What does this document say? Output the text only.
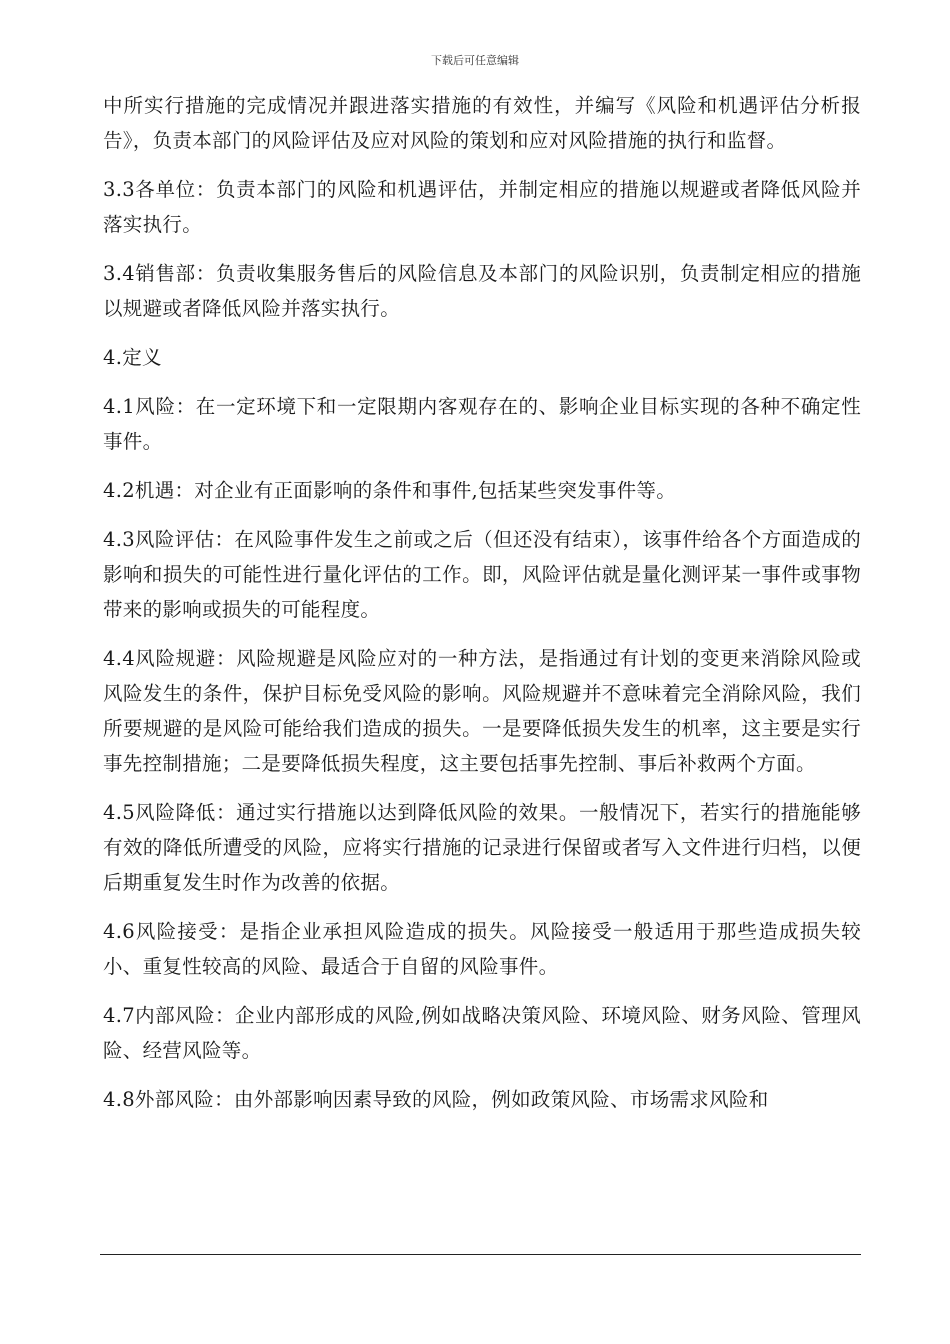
下载后可任意编辑

中所实行措施的完成情况并跟进落实措施的有效性，并编写《风险和机遇评估分析报告》，负责本部门的风险评估及应对风险的策划和应对风险措施的执行和监督。

3.3各单位：负责本部门的风险和机遇评估，并制定相应的措施以规避或者降低风险并落实执行。

3.4销售部：负责收集服务售后的风险信息及本部门的风险识别，负责制定相应的措施以规避或者降低风险并落实执行。

4.定义

4.1风险：在一定环境下和一定限期内客观存在的、影响企业目标实现的各种不确定性事件。

4.2机遇：对企业有正面影响的条件和事件,包括某些突发事件等。

4.3风险评估：在风险事件发生之前或之后（但还没有结束），该事件给各个方面造成的影响和损失的可能性进行量化评估的工作。即，风险评估就是量化测评某一事件或事物带来的影响或损失的可能程度。

4.4风险规避：风险规避是风险应对的一种方法，是指通过有计划的变更来消除风险或风险发生的条件，保护目标免受风险的影响。风险规避并不意味着完全消除风险，我们所要规避的是风险可能给我们造成的损失。一是要降低损失发生的机率，这主要是实行事先控制措施；二是要降低损失程度，这主要包括事先控制、事后补救两个方面。

4.5风险降低：通过实行措施以达到降低风险的效果。一般情况下，若实行的措施能够有效的降低所遭受的风险，应将实行措施的记录进行保留或者写入文件进行归档，以便后期重复发生时作为改善的依据。

4.6风险接受：是指企业承担风险造成的损失。风险接受一般适用于那些造成损失较小、重复性较高的风险、最适合于自留的风险事件。

4.7内部风险：企业内部形成的风险,例如战略决策风险、环境风险、财务风险、管理风险、经营风险等。

4.8外部风险：由外部影响因素导致的风险，例如政策风险、市场需求风险和
